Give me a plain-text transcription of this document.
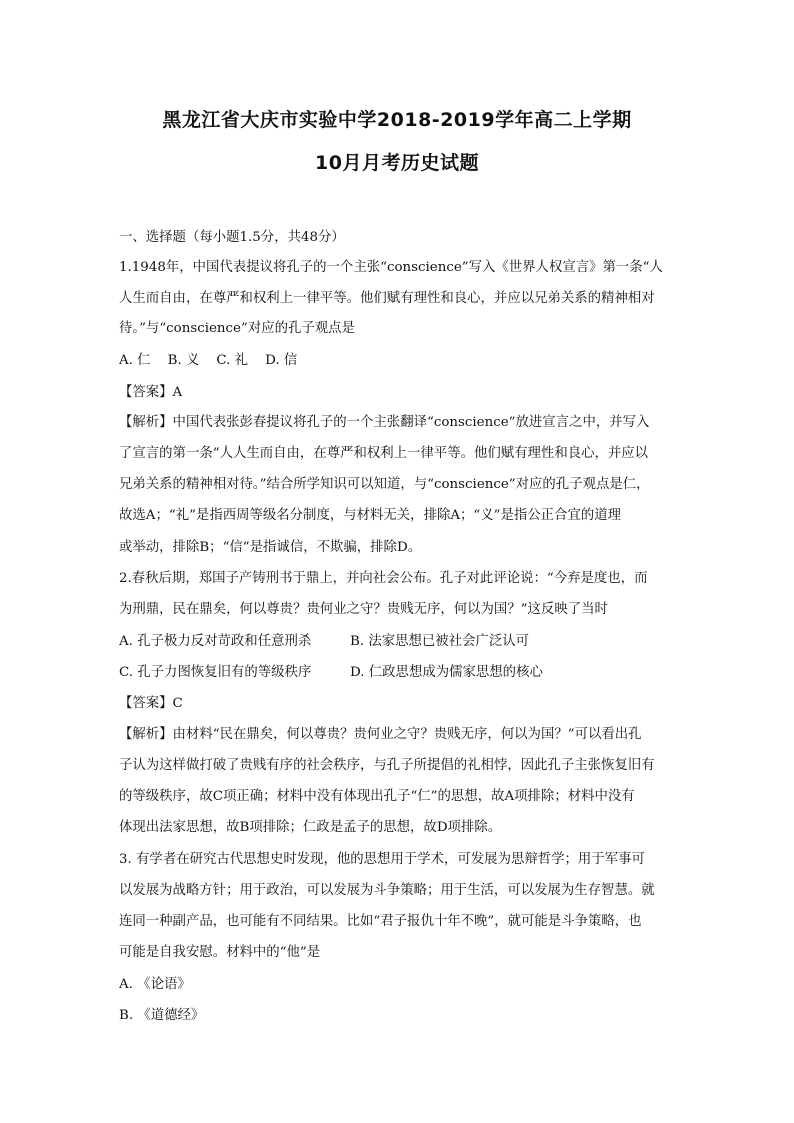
黑龙江省大庆市实验中学2018-2019学年高二上学期
10月月考历史试题
一、选择题（每小题1.5分，共48分）
1.1948年，中国代表提议将孔子的一个主张“conscience”写入《世界人权宣言》第一条“人
人生而自由，在尊严和权利上一律平等。他们赋有理性和良心，并应以兄弟关系的精神相对
待。”与“conscience”对应的孔子观点是
A. 仁    B. 义    C. 礼    D. 信
【答案】A
【解析】中国代表张彭春提议将孔子的一个主张翻译“conscience”放进宣言之中，并写入
了宣言的第一条“人人生而自由，在尊严和权利上一律平等。他们赋有理性和良心，并应以
兄弟关系的精神相对待。”结合所学知识可以知道，与“conscience”对应的孔子观点是仁，
故选A；“礼”是指西周等级名分制度，与材料无关，排除A；“义”是指公正合宜的道理
或举动，排除B；“信”是指诚信，不欺骗，排除D。
2.春秋后期，郑国子产铸刑书于鼎上，并向社会公布。孔子对此评论说：“今弃是度也，而
为刑鼎，民在鼎矣，何以尊贵？贵何业之守？贵贱无序，何以为国？”这反映了当时
A. 孔子极力反对苛政和任意刑杀	B. 法家思想已被社会广泛认可
C. 孔子力图恢复旧有的等级秩序	D. 仁政思想成为儒家思想的核心
【答案】C
【解析】由材料“民在鼎矣，何以尊贵？贵何业之守？贵贱无序，何以为国？”可以看出孔
子认为这样做打破了贵贱有序的社会秩序，与孔子所提倡的礼相悖，因此孔子主张恢复旧有
的等级秩序，故C项正确；材料中没有体现出孔子“仁”的思想，故A项排除；材料中没有
体现出法家思想，故B项排除；仁政是孟子的思想，故D项排除。
3. 有学者在研究古代思想史时发现，他的思想用于学术，可发展为思辩哲学；用于军事可
以发展为战略方针；用于政治，可以发展为斗争策略；用于生活，可以发展为生存智慧。就
连同一种副产品，也可能有不同结果。比如“君子报仇十年不晚”，就可能是斗争策略，也
可能是自我安慰。材料中的“他”是
A. 《论语》
B. 《道德经》
